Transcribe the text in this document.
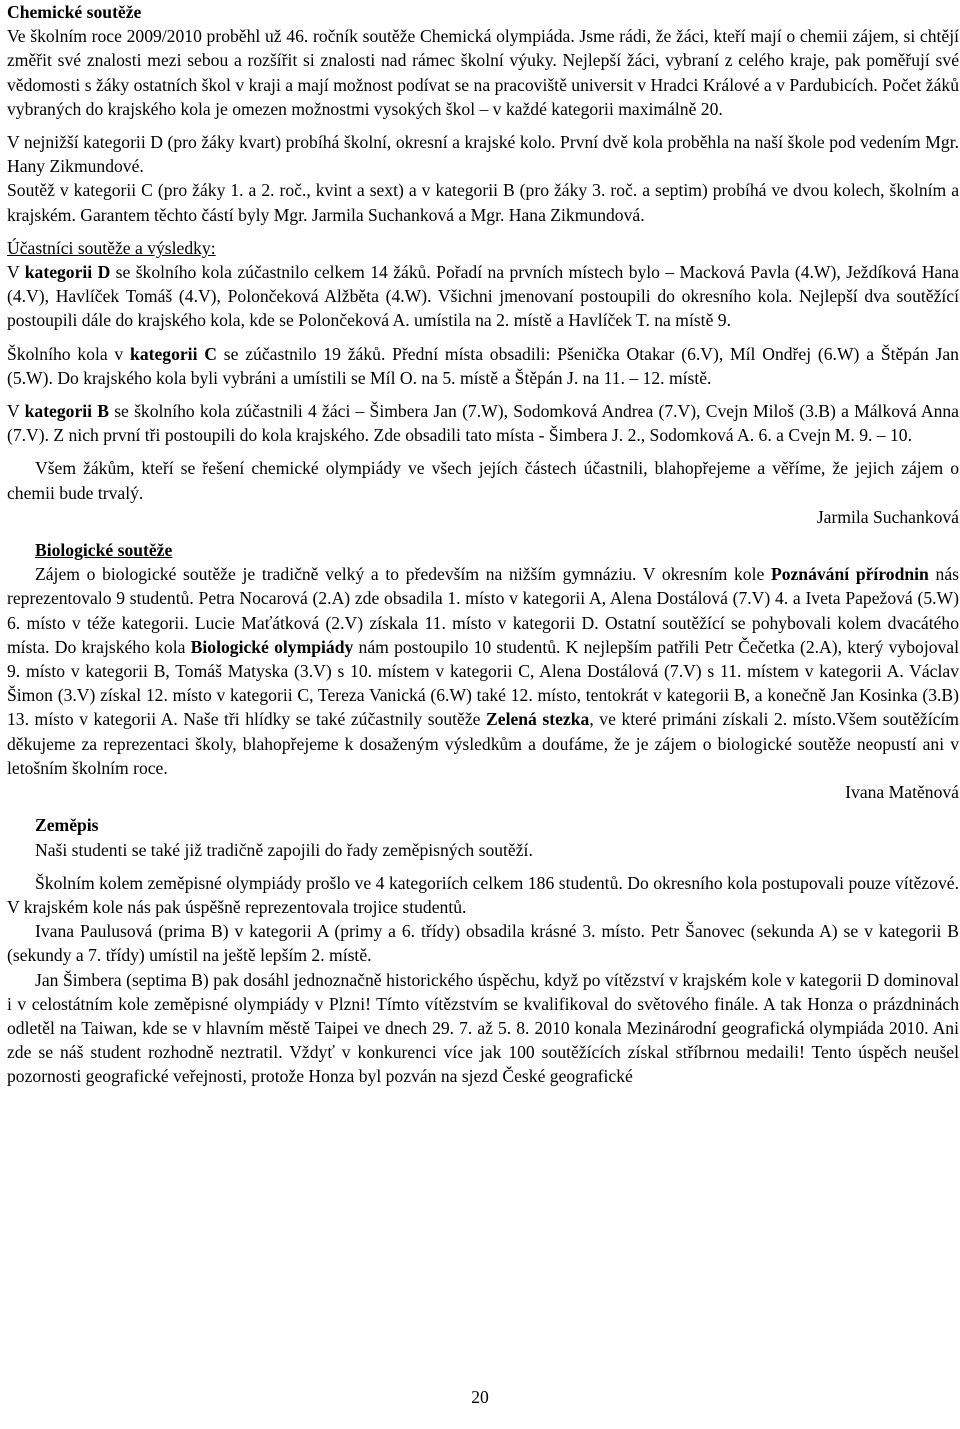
Chemické soutěže

Ve školním roce 2009/2010 proběhl už 46. ročník soutěže Chemická olympiáda. Jsme rádi, že žáci, kteří mají o chemii zájem, si chtějí změřit své znalosti mezi sebou a rozšířit si znalosti nad rámec školní výuky. Nejlepší žáci, vybraní z celého kraje, pak poměřují své vědomosti s žáky ostatních škol v kraji a mají možnost podívat se na pracoviště universit v Hradci Králové a v Pardubicích. Počet žáků vybraných do krajského kola je omezen možnostmi vysokých škol – v každé kategorii maximálně 20.

V nejnižší kategorii D (pro žáky kvart) probíhá školní, okresní a krajské kolo. První dvě kola proběhla na naší škole pod vedením Mgr. Hany Zikmundové.

Soutěž v kategorii C (pro žáky 1. a 2. roč., kvint a sext) a v kategorii B (pro žáky 3. roč. a septim) probíhá ve dvou kolech, školním a krajském. Garantem těchto částí byly Mgr. Jarmila Suchanková a Mgr. Hana Zikmundová.

Účastníci soutěže a výsledky:

V kategorii D se školního kola zúčastnilo celkem 14 žáků. Pořadí na prvních místech bylo – Macková Pavla (4.W), Ježdíková Hana (4.V), Havlíček Tomáš (4.V), Polončeková Alžběta (4.W). Všichni jmenovaní postoupili do okresního kola. Nejlepší dva soutěžící postoupili dále do krajského kola, kde se Polončeková A. umístila na 2. místě a Havlíček T. na místě 9.

Školního kola v kategorii C se zúčastnilo 19 žáků. Přední místa obsadili: Pšenička Otakar (6.V), Míl Ondřej (6.W) a Štěpán Jan (5.W). Do krajského kola byli vybráni a umístili se Míl O. na 5. místě a Štěpán J. na 11. – 12. místě.

V kategorii B se školního kola zúčastnili 4 žáci – Šimbera Jan (7.W), Sodomková Andrea (7.V), Cvejn Miloš (3.B) a Málková Anna (7.V). Z nich první tři postoupili do kola krajského. Zde obsadili tato místa - Šimbera J. 2., Sodomková A. 6. a Cvejn M. 9. – 10.

Všem žákům, kteří se řešení chemické olympiády ve všech jejích částech účastnili, blahopřejeme a věříme, že jejich zájem o chemii bude trvalý.

Jarmila Suchanková

Biologické soutěže

Zájem o biologické soutěže je tradičně velký a to především na nižším gymnáziu. V okresním kole Poznávání přírodnin nás reprezentovalo 9 studentů. Petra Nocarová (2.A) zde obsadila 1. místo v kategorii A, Alena Dostálová (7.V) 4. a Iveta Papežová (5.W) 6. místo v téže kategorii. Lucie Maťátková (2.V) získala 11. místo v kategorii D. Ostatní soutěžící se pohybovali kolem dvacátého místa. Do krajského kola Biologické olympiády nám postoupilo 10 studentů. K nejlepším patřili Petr Čečetka (2.A), který vybojoval 9. místo v kategorii B, Tomáš Matyska (3.V) s 10. místem v kategorii C, Alena Dostálová (7.V) s 11. místem v kategorii A. Václav Šimon (3.V) získal 12. místo v kategorii C, Tereza Vanická (6.W) také 12. místo, tentokrát v kategorii B, a konečně Jan Kosinka (3.B) 13. místo v kategorii A. Naše tři hlídky se také zúčastnily soutěže Zelená stezka, ve které primáni získali 2. místo.Všem soutěžícím děkujeme za reprezentaci školy, blahopřejeme k dosaženým výsledkům a doufáme, že je zájem o biologické soutěže neopustí ani v letošním školním roce.

Ivana Matěnová

Zeměpis

Naši studenti se také již tradičně zapojili do řady zeměpisných soutěží.

Školním kolem zeměpisné olympiády prošlo ve 4 kategoriích celkem 186 studentů. Do okresního kola postupovali pouze vítězové. V krajském kole nás pak úspěšně reprezentovala trojice studentů.

Ivana Paulusová (prima B) v kategorii A (primy a 6. třídy) obsadila krásné 3. místo. Petr Šanovec (sekunda A) se v kategorii B (sekundy a 7. třídy) umístil na ještě lepším 2. místě.

Jan Šimbera (septima B) pak dosáhl jednoznačně historického úspěchu, když po vítězství v krajském kole v kategorii D dominoval i v celostátním kole zeměpisné olympiády v Plzni! Tímto vítězstvím se kvalifikoval do světového finále. A tak Honza o prázdninách odletěl na Taiwan, kde se v hlavním městě Taipei ve dnech 29. 7. až 5. 8. 2010 konala Mezinárodní geografická olympiáda 2010. Ani zde se náš student rozhodně neztratil. Vždyť v konkurenci více jak 100 soutěžících získal stříbrnou medaili! Tento úspěch neušel pozornosti geografické veřejnosti, protože Honza byl pozván na sjezd České geografické

20
